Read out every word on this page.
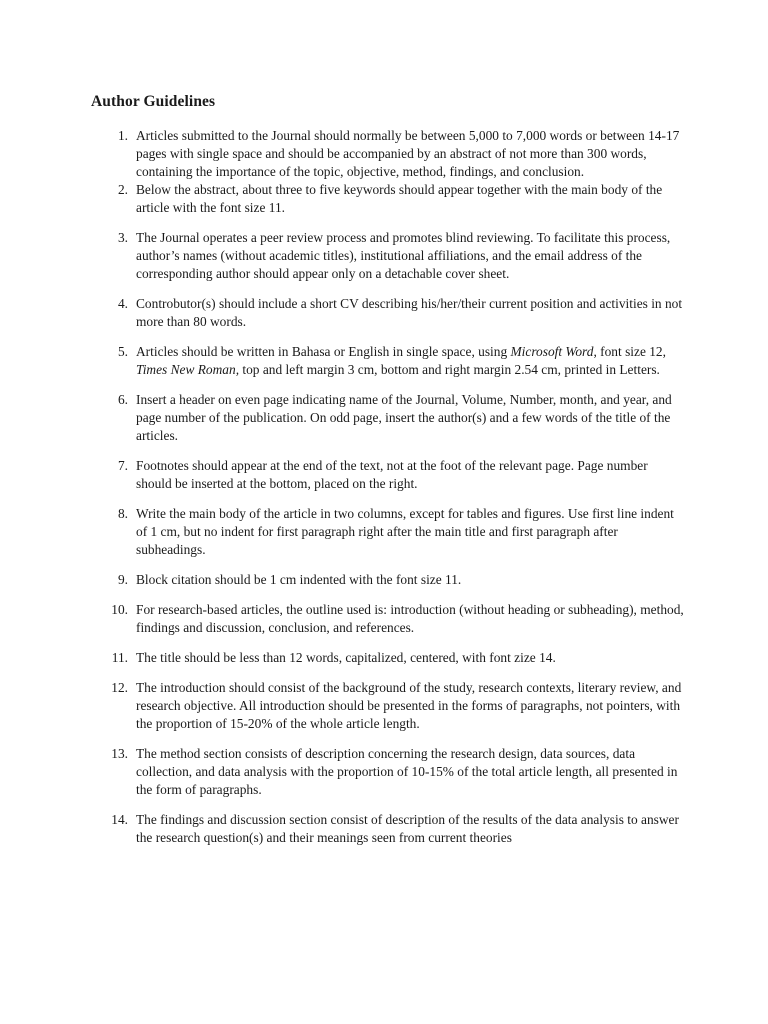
Author Guidelines
1. Articles submitted to the Journal should normally be between 5,000 to 7,000 words or between 14-17 pages with single space and should be accompanied by an abstract of not more than 300 words, containing the importance of the topic, objective, method, findings, and conclusion.
2. Below the abstract, about three to five keywords should appear together with the main body of the article with the font size 11.
3. The Journal operates a peer review process and promotes blind reviewing. To facilitate this process, author’s names (without academic titles), institutional affiliations, and the email address of the corresponding author should appear only on a detachable cover sheet.
4. Controbutor(s) should include a short CV describing his/her/their current position and activities in not more than 80 words.
5. Articles should be written in Bahasa or English in single space, using Microsoft Word, font size 12, Times New Roman, top and left margin 3 cm, bottom and right margin 2.54 cm, printed in Letters.
6. Insert a header on even page indicating name of the Journal, Volume, Number, month, and year, and page number of the publication. On odd page, insert the author(s) and a few words of the title of the articles.
7. Footnotes should appear at the end of the text, not at the foot of the relevant page. Page number should be inserted at the bottom, placed on the right.
8. Write the main body of the article in two columns, except for tables and figures. Use first line indent of 1 cm, but no indent for first paragraph right after the main title and first paragraph after subheadings.
9. Block citation should be 1 cm indented with the font size 11.
10. For research-based articles, the outline used is: introduction (without heading or subheading), method, findings and discussion, conclusion, and references.
11. The title should be less than 12 words, capitalized, centered, with font zize 14.
12. The introduction should consist of the background of the study, research contexts, literary review, and research objective. All introduction should be presented in the forms of paragraphs, not pointers, with the proportion of 15-20% of the whole article length.
13. The method section consists of description concerning the research design, data sources, data collection, and data analysis with the proportion of 10-15% of the total article length, all presented in the form of paragraphs.
14. The findings and discussion section consist of description of the results of the data analysis to answer the research question(s) and their meanings seen from current theories
